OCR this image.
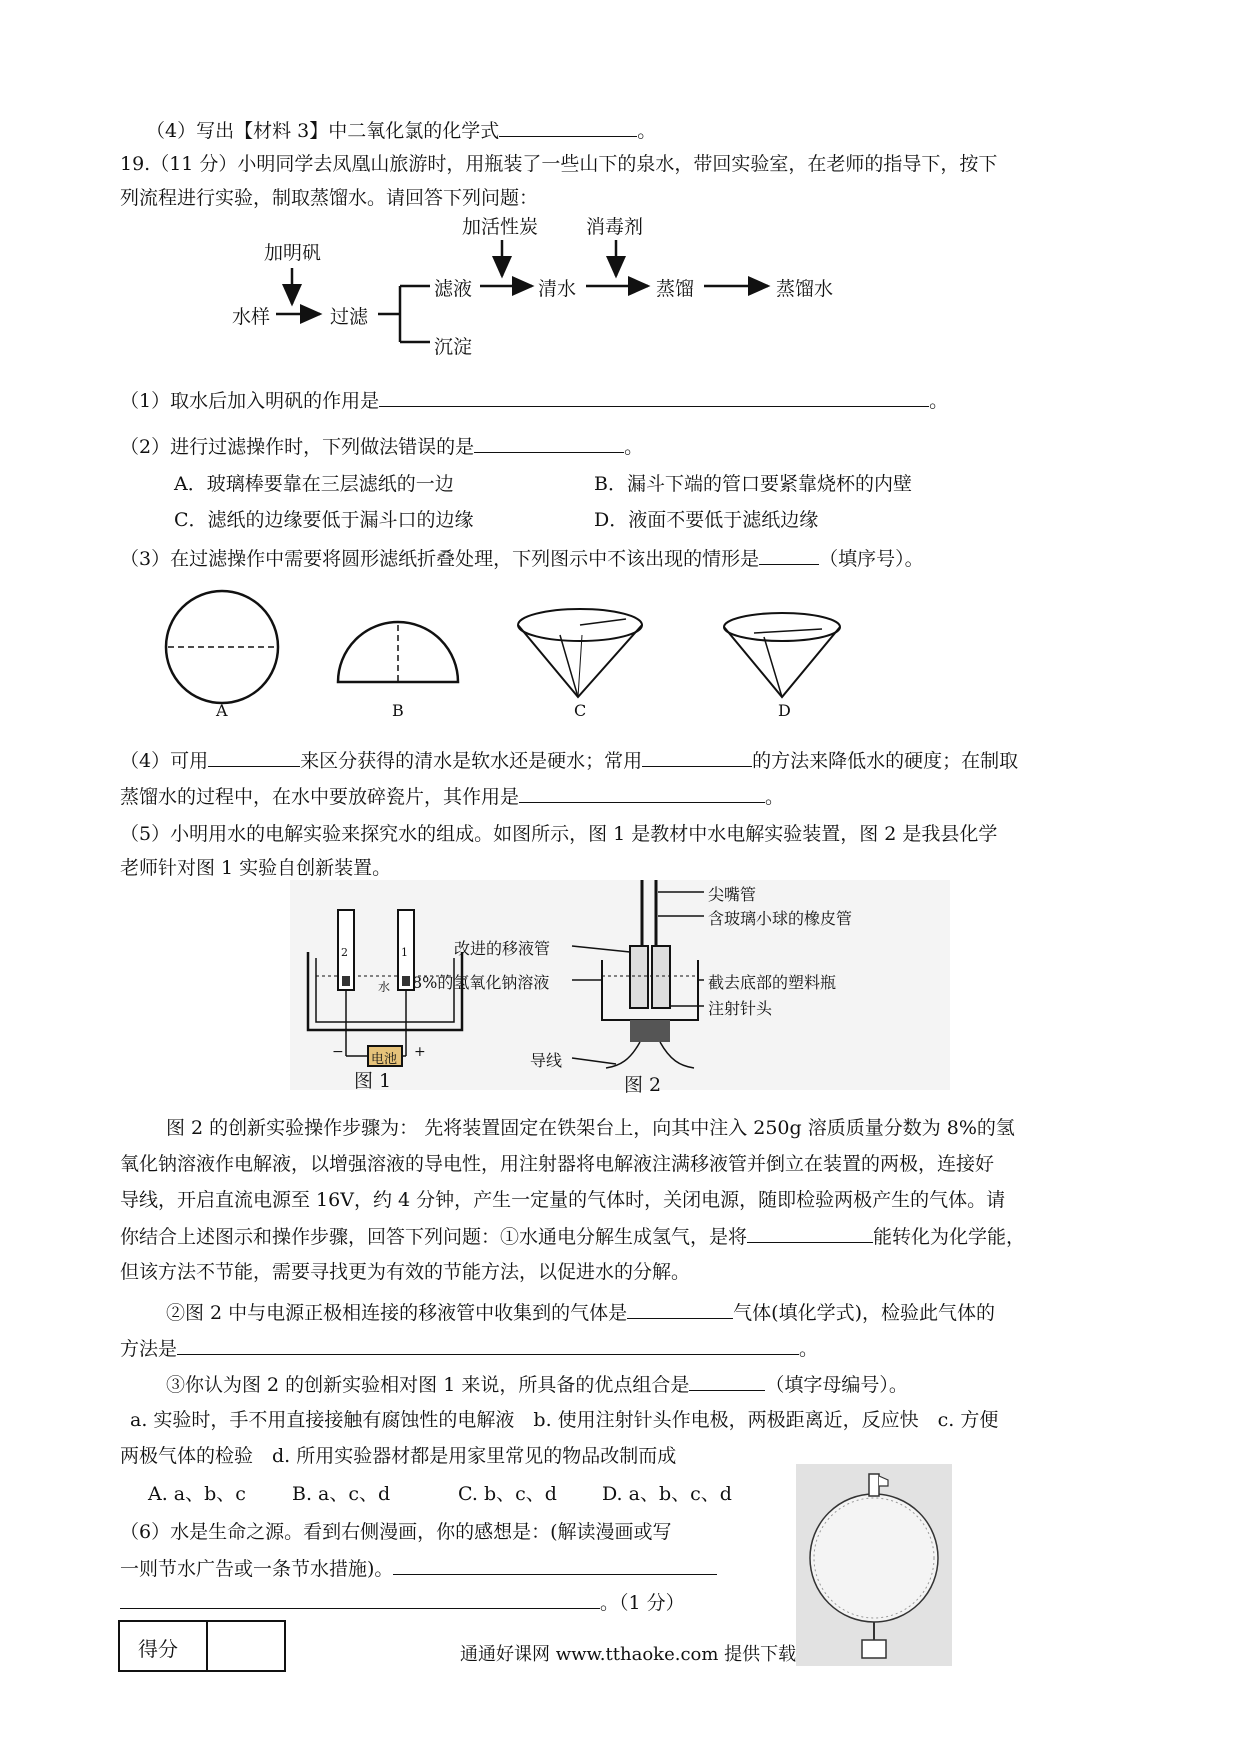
（4）写出【材料 3】中二氧化氯的化学式	。
19.（11 分）小明同学去凤凰山旅游时，用瓶装了一些山下的泉水，带回实验室，在老师的指导下，按下
列流程进行实验，制取蒸馏水。请回答下列问题：
加明矾
水样	过滤
滤液
沉淀
加活性炭
清水
消毒剂
蒸馏	蒸馏水
（1）取水后加入明矾的作用是	。
（2）进行过滤操作时，下列做法错误的是	。
A．玻璃棒要靠在三层滤纸的一边	B．漏斗下端的管口要紧靠烧杯的内壁
C．滤纸的边缘要低于漏斗口的边缘	D．液面不要低于滤纸边缘
（3）在过滤操作中需要将圆形滤纸折叠处理，下列图示中不该出现的情形是	（填序号）。
A	B	C	D
（4）可用	来区分获得的清水是软水还是硬水；常用	的方法来降低水的硬度；在制取
蒸馏水的过程中，在水中要放碎瓷片，其作用是	。
（5）小明用水的电解实验来探究水的组成。如图所示，图 1 是教材中水电解实验装置，图 2 是我县化学
老师针对图 1 实验自创新装置。
2	1
水
电池
−	+
图 1
尖嘴管
含玻璃小球的橡皮管
改进的移液管
8%的氢氧化钠溶液	截去底部的塑料瓶
注射针头
导线
图 2
图 2 的创新实验操作步骤为： 先将装置固定在铁架台上，向其中注入 250g 溶质质量分数为 8%的氢
氧化钠溶液作电解液，以增强溶液的导电性，用注射器将电解液注满移液管并倒立在装置的两极，连接好
导线，开启直流电源至 16V，约 4 分钟，产生一定量的气体时，关闭电源，随即检验两极产生的气体。请
你结合上述图示和操作步骤，回答下列问题：①水通电分解生成氢气，是将	能转化为化学能，
但该方法不节能，需要寻找更为有效的节能方法，以促进水的分解。
②图 2 中与电源正极相连接的移液管中收集到的气体是	气体(填化学式)，检验此气体的
方法是	。
③你认为图 2 的创新实验相对图 1 来说，所具备的优点组合是	（填字母编号）。
a. 实验时，手不用直接接触有腐蚀性的电解液　b. 使用注射针头作电极，两极距离近，反应快　c. 方便
两极气体的检验　d. 所用实验器材都是用家里常见的物品改制而成
A. a、b、c B. a、c、d	C. b、c、d D. a、b、c、d
（6）水是生命之源。看到右侧漫画，你的感想是：(解读漫画或写
一则节水广告或一条节水措施)。
。（1 分）
得分	通通好课网 www.tthaoke.com 提供下载
